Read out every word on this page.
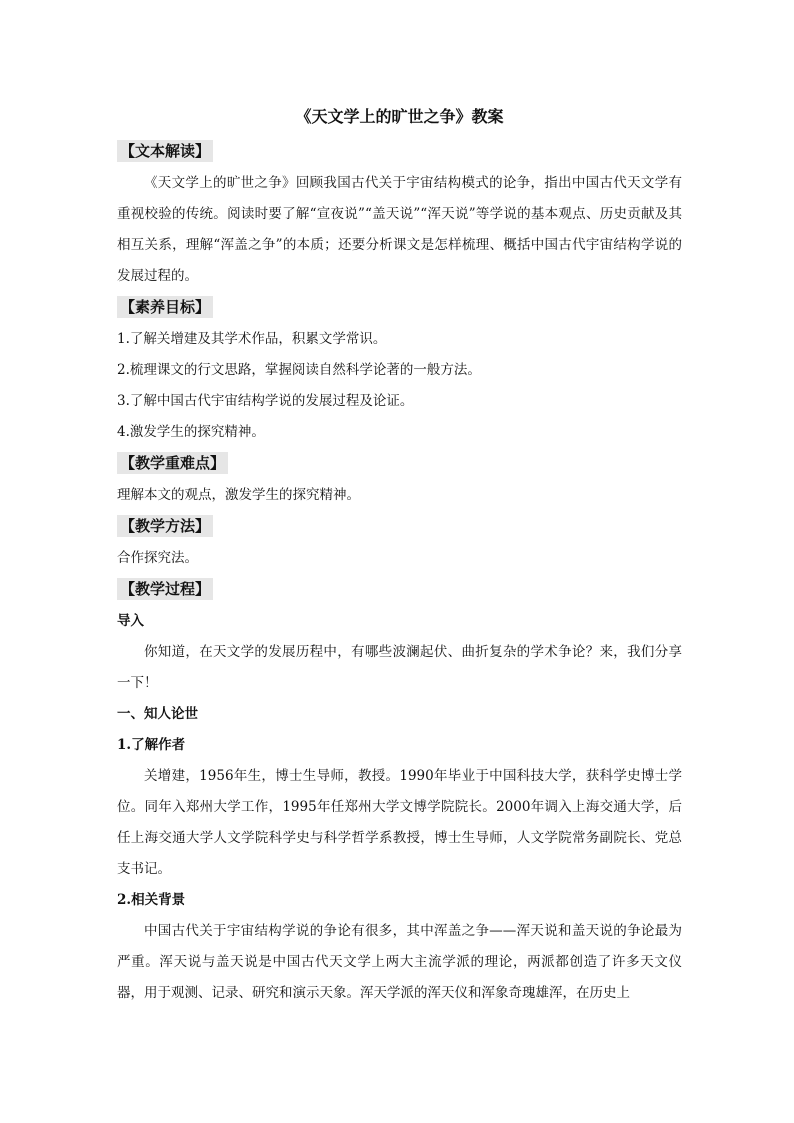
《天文学上的旷世之争》教案
【文本解读】

《天文学上的旷世之争》回顾我国古代关于宇宙结构模式的论争，指出中国古代天文学有重视校验的传统。阅读时要了解“宣夜说”“盖天说”“浑天说”等学说的基本观点、历史贡献及其相互关系，理解“浑盖之争”的本质；还要分析课文是怎样梳理、概括中国古代宇宙结构学说的发展过程的。

【素养目标】

1.了解关增建及其学术作品，积累文学常识。

2.梳理课文的行文思路，掌握阅读自然科学论著的一般方法。

3.了解中国古代宇宙结构学说的发展过程及论证。

4.激发学生的探究精神。

【教学重难点】

理解本文的观点，激发学生的探究精神。

【教学方法】

合作探究法。

【教学过程】

导入

你知道，在天文学的发展历程中，有哪些波澜起伏、曲折复杂的学术争论？来，我们分享一下！

一、知人论世

1.了解作者

关增建，1956年生，博士生导师，教授。1990年毕业于中国科技大学，获科学史博士学位。同年入郑州大学工作，1995年任郑州大学文博学院院长。2000年调入上海交通大学，后任上海交通大学人文学院科学史与科学哲学系教授，博士生导师，人文学院常务副院长、党总支书记。

2.相关背景

中国古代关于宇宙结构学说的争论有很多，其中浑盖之争——浑天说和盖天说的争论最为严重。浑天说与盖天说是中国古代天文学上两大主流学派的理论，两派都创造了许多天文仪器，用于观测、记录、研究和演示天象。浑天学派的浑天仪和浑象奇瑰雄浑，在历史上
